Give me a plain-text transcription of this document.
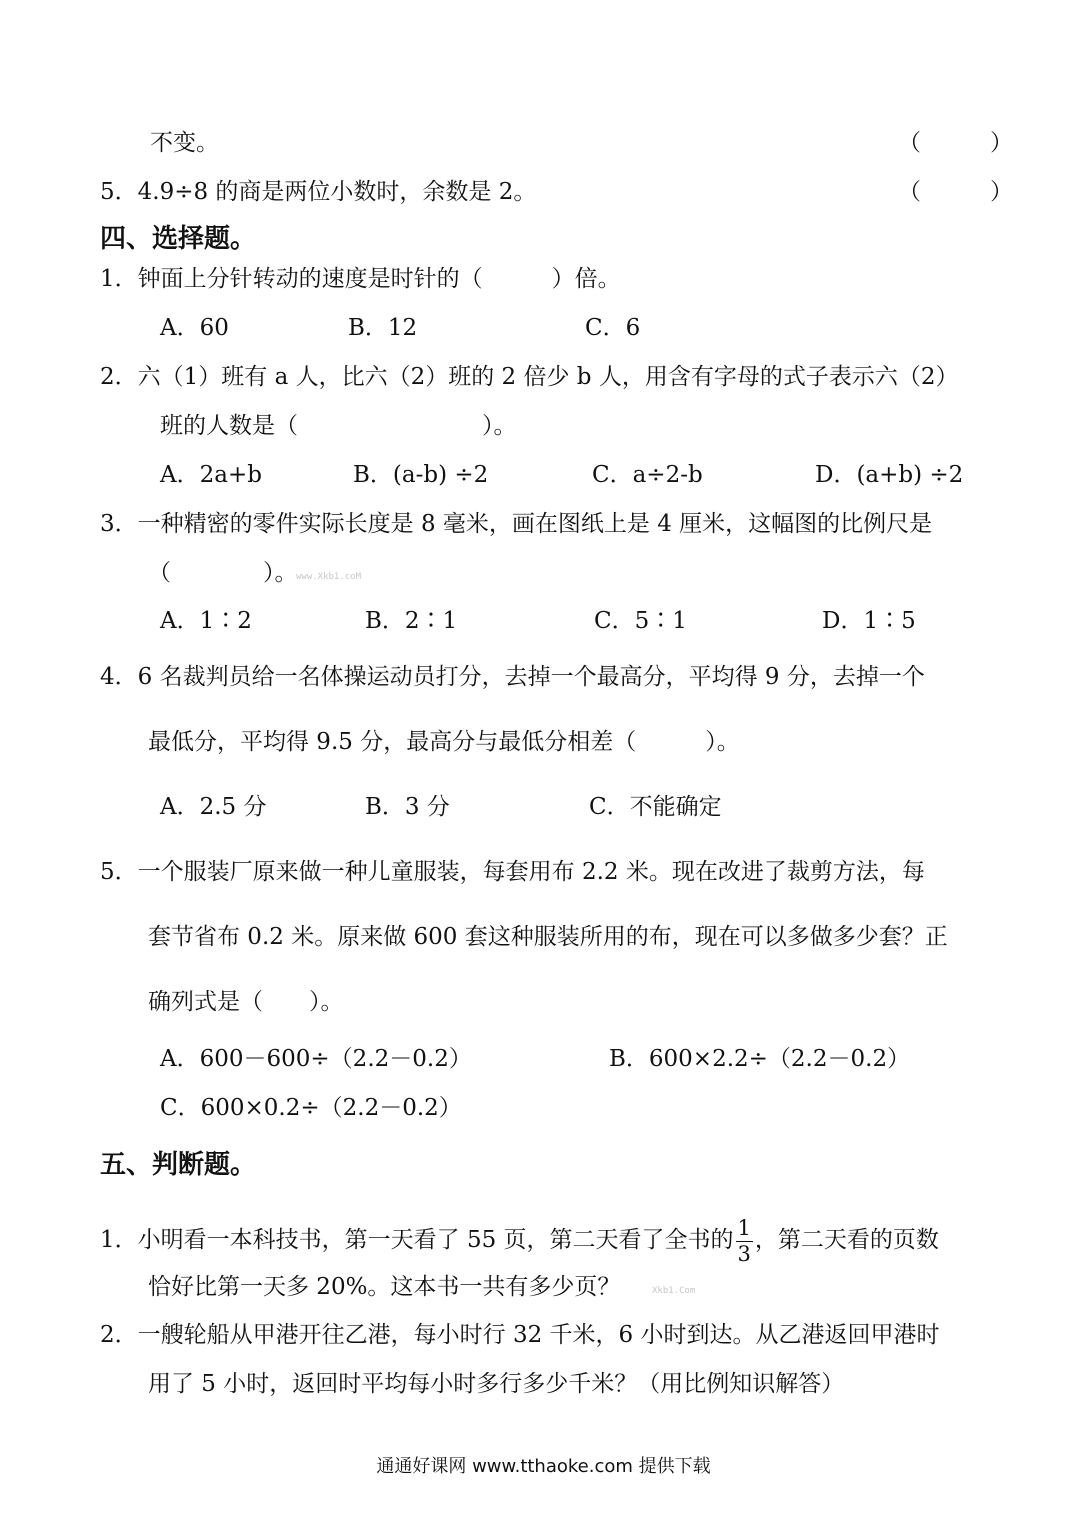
不变。	（　　　）
5．4.9÷8 的商是两位小数时，余数是 2。	（　　　）
四、选择题。
1．钟面上分针转动的速度是时针的（　　　）倍。
A．60	B．12	C．6
2．六（1）班有 a 人，比六（2）班的 2 倍少 b 人，用含有字母的式子表示六（2）
班的人数是（　　　　　　　　）。
A．2a+b	B．(a-b) ÷2	C．a÷2-b	D．(a+b) ÷2
3．一种精密的零件实际长度是 8 毫米，画在图纸上是 4 厘米，这幅图的比例尺是
（　　　　）。
www.Xkb1.coM
A．1∶2	B．2∶1	C．5∶1	D．1∶5
4．6 名裁判员给一名体操运动员打分，去掉一个最高分，平均得 9 分，去掉一个
最低分，平均得 9.5 分，最高分与最低分相差（　　　）。
A．2.5 分	B．3 分	C．不能确定
5．一个服装厂原来做一种儿童服装，每套用布 2.2 米。现在改进了裁剪方法，每
套节省布 0.2 米。原来做 600 套这种服装所用的布，现在可以多做多少套？正
确列式是（　　）。
A．600－600÷（2.2－0.2）	B．600×2.2÷（2.2－0.2）
C．600×0.2÷（2.2－0.2）
五、判断题。
1．小明看一本科技书，第一天看了 55 页，第二天看了全书的 $\frac{1}{3}$ ，第二天看的页数
恰好比第一天多 20%。这本书一共有多少页？	Xkb1.Com
2．一艘轮船从甲港开往乙港，每小时行 32 千米，6 小时到达。从乙港返回甲港时
用了 5 小时，返回时平均每小时多行多少千米？（用比例知识解答）
通通好课网 www.tthaoke.com 提供下载
